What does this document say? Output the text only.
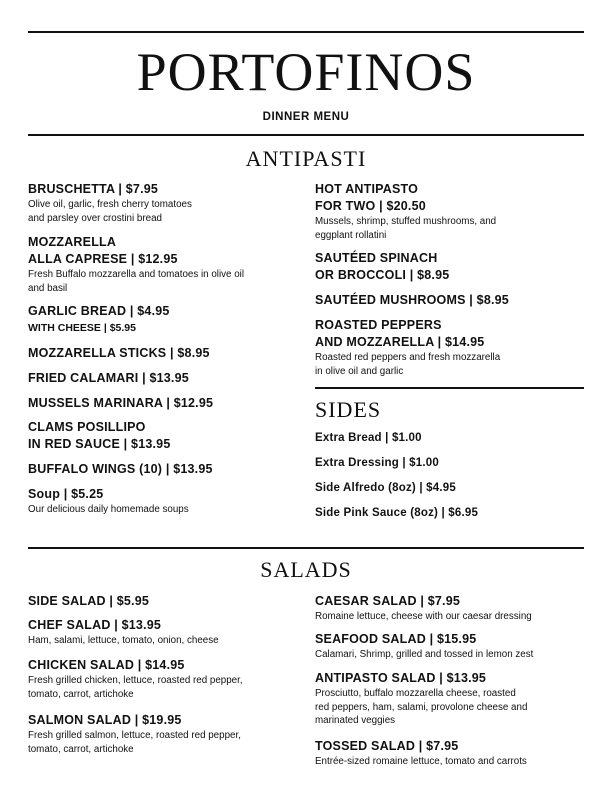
PORTOFINOS
DINNER MENU
ANTIPASTI
BRUSCHETTA | $7.95
Olive oil, garlic, fresh cherry tomatoes
and parsley over crostini bread
MOZZARELLA
ALLA CAPRESE | $12.95
Fresh Buffalo mozzarella and tomatoes in olive oil
and basil
GARLIC BREAD | $4.95
WITH CHEESE | $5.95
MOZZARELLA STICKS | $8.95
FRIED CALAMARI | $13.95
MUSSELS MARINARA | $12.95
CLAMS POSILLIPO
IN RED SAUCE | $13.95
BUFFALO WINGS (10) | $13.95
Soup | $5.25
Our delicious daily homemade soups
HOT ANTIPASTO
FOR TWO | $20.50
Mussels, shrimp, stuffed mushrooms, and
eggplant rollatini
SAUTÉED SPINACH
OR BROCCOLI | $8.95
SAUTÉED MUSHROOMS | $8.95
ROASTED PEPPERS
AND MOZZARELLA | $14.95
Roasted red peppers and fresh mozzarella
in olive oil and garlic
SIDES
Extra Bread | $1.00
Extra Dressing | $1.00
Side Alfredo (8oz) | $4.95
Side Pink Sauce (8oz) | $6.95
SALADS
SIDE SALAD | $5.95
CHEF SALAD | $13.95
Ham, salami, lettuce, tomato, onion, cheese
CHICKEN SALAD | $14.95
Fresh grilled chicken, lettuce, roasted red pepper,
tomato, carrot, artichoke
SALMON SALAD | $19.95
Fresh grilled salmon, lettuce, roasted red pepper,
tomato, carrot, artichoke
CAESAR SALAD | $7.95
Romaine lettuce, cheese with our caesar dressing
SEAFOOD SALAD | $15.95
Calamari, Shrimp, grilled and tossed in lemon zest
ANTIPASTO SALAD | $13.95
Prosciutto, buffalo mozzarella cheese, roasted
red peppers, ham, salami, provolone cheese and
marinated veggies
TOSSED SALAD | $7.95
Entrée-sized romaine lettuce, tomato and carrots
